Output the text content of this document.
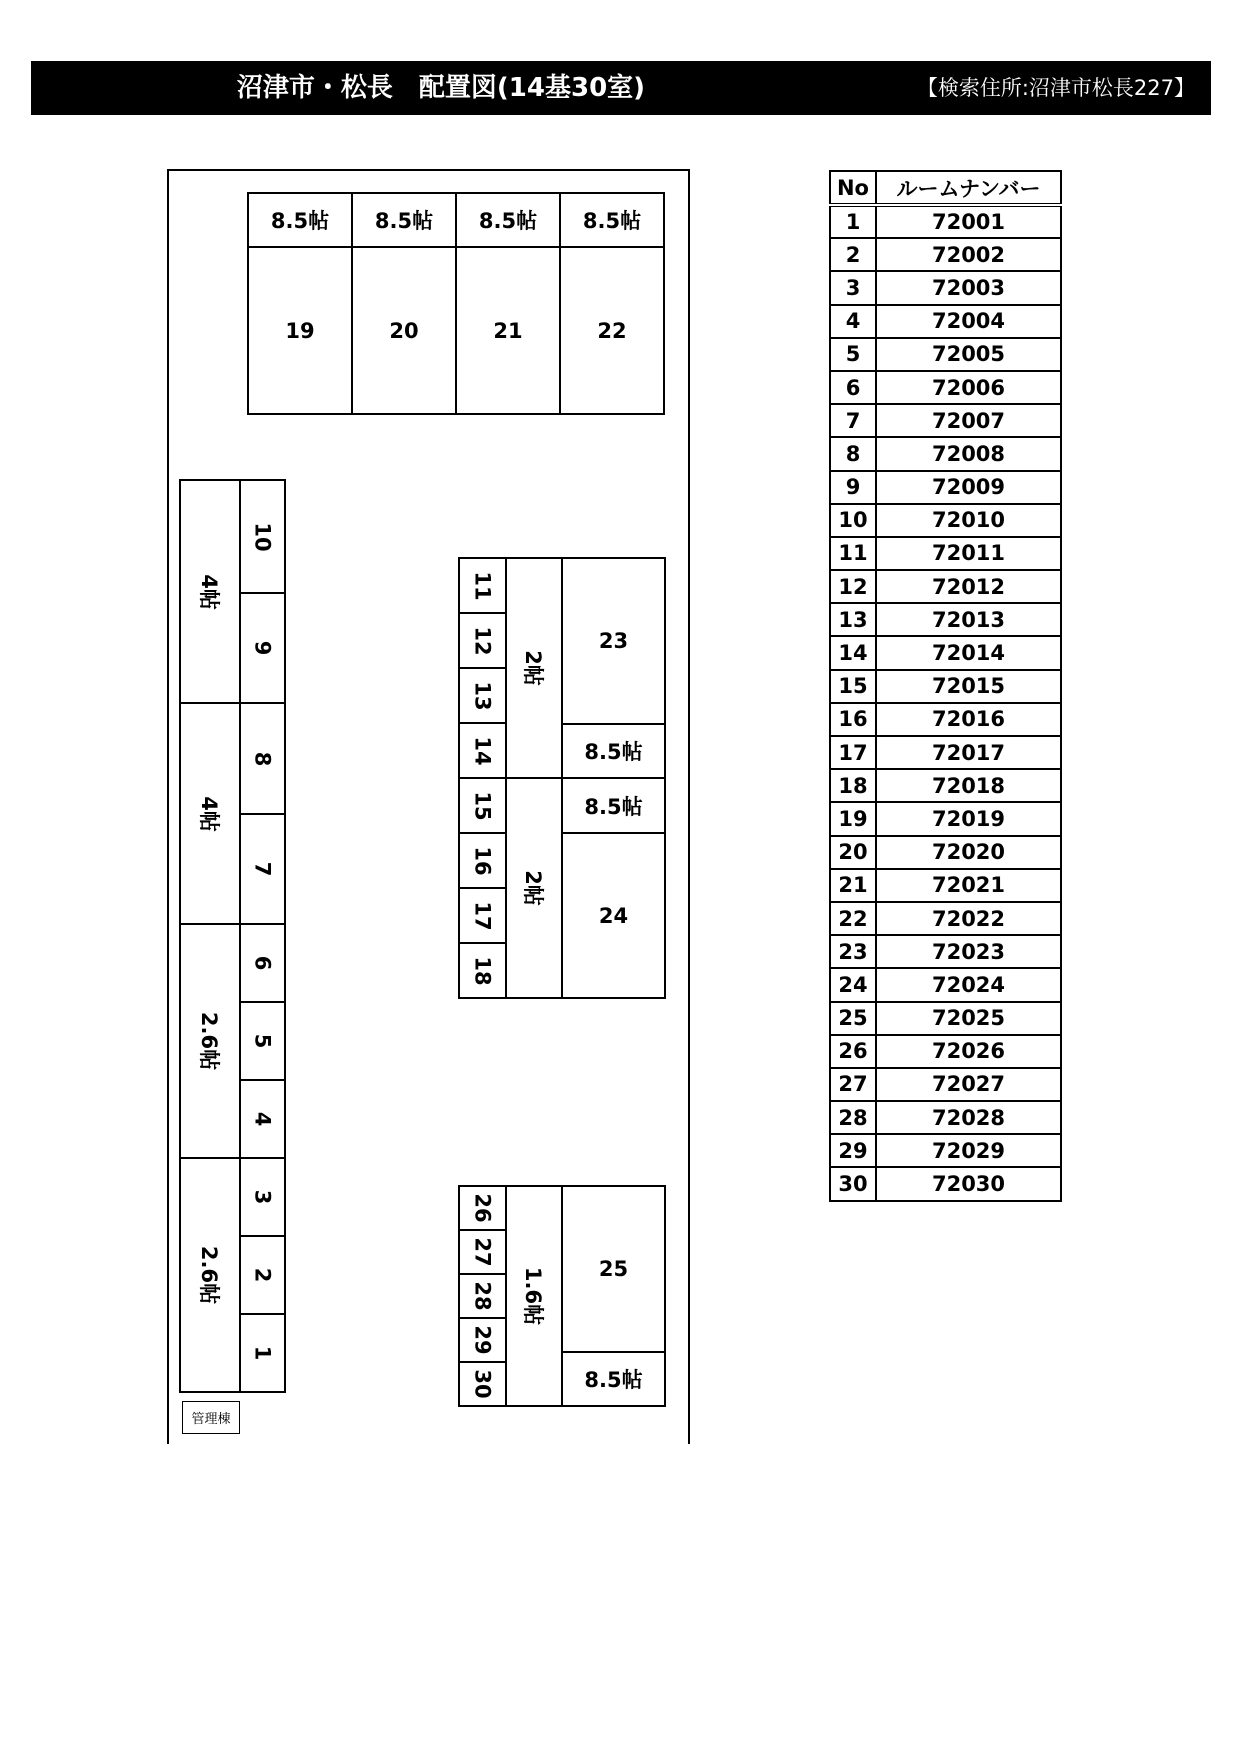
沼津市・松長　配置図(14基30室)	【検索住所:沼津市松長227】
8.5帖 8.5帖 8.5帖 8.5帖
19	20	21	22
4帖
10
9
4帖
8
7
2.6帖
6
5
4
2.6帖
3
2
1
管理棟
11
12
13
14
2帖
23
8.5帖
15
16
17
18
2帖
8.5帖
24
26
27
28
29
30
1.6帖	25
8.5帖
No	ルームナンバー
1	72001
2	72002
3	72003
4	72004
5	72005
6	72006
7	72007
8	72008
9	72009
10	72010
11	72011
12	72012
13	72013
14	72014
15	72015
16	72016
17	72017
18	72018
19	72019
20	72020
21	72021
22	72022
23	72023
24	72024
25	72025
26	72026
27	72027
28	72028
29	72029
30	72030
